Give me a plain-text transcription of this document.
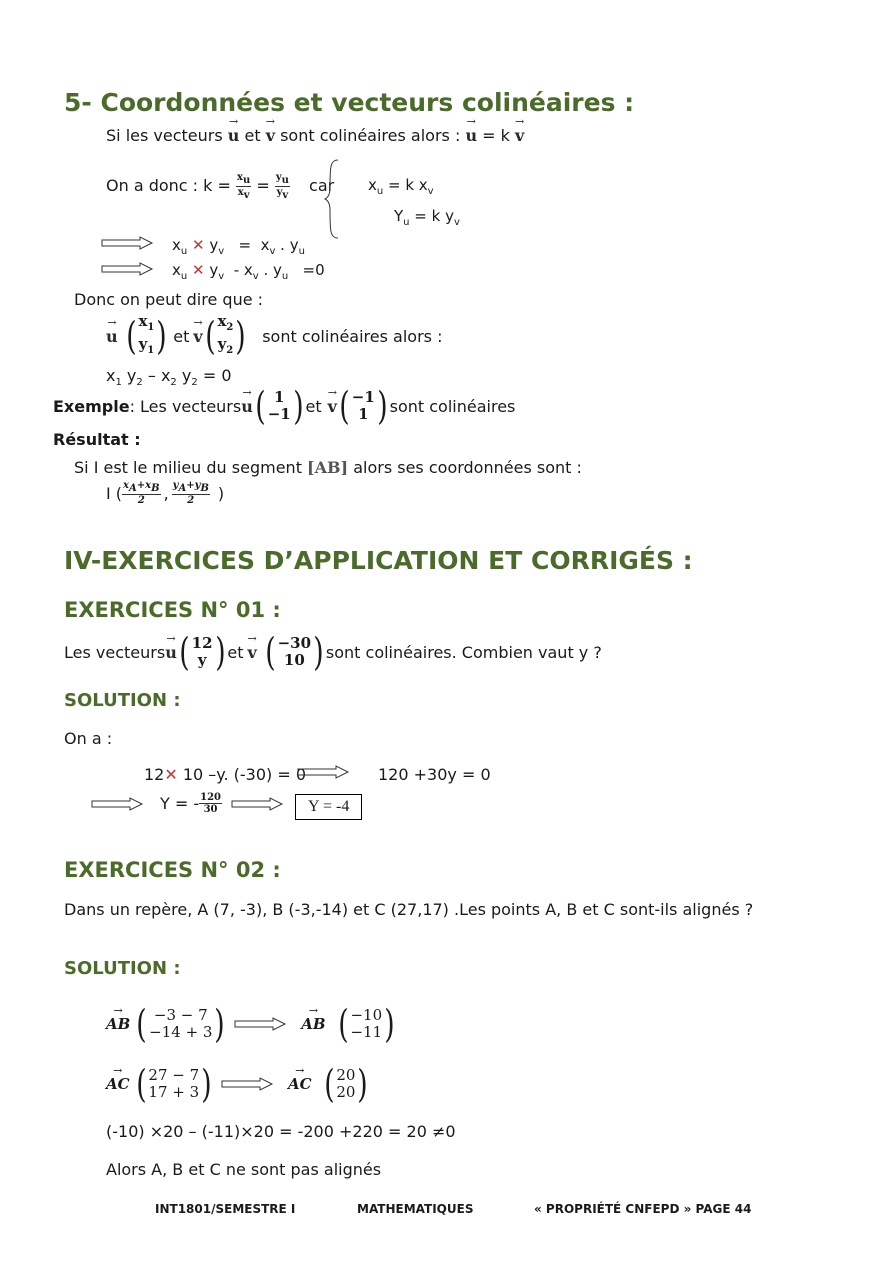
5- Coordonnées et vecteurs colinéaires :
Si les vecteurs → u et → v sont colinéaires alors : → u = k → v
On a donc : $k = \frac{x_u}{x_v} = \frac{y_u}{y_v}$ car $x_u = k$ $x_v$
$Y_u = k$ $y_v$
$x_u$ ✕ $y_v = x_v$ . $y_u$
$x_u$ ✕ $y_v - x_v$ . $y_u =0$
Donc on peut dire que :
→ u ( $x_1$
$y_1$ ) et → v ( $x_2$
$y_2$ ) sont colinéaires alors :
$x_1$ $y_2 - x_2$ $y_2 = 0$
Exemple : Les vecteurs → u ( 1
−1 ) et → v ( −1
1 ) sont colinéaires
Résultat :
Si I est le milieu du segment [AB] alors ses coordonnées sont :
I ( $\frac{x_A+x_B}{2}$ , $\frac{y_A+y_B}{2}$ )
IV-EXERCICES D’APPLICATION ET CORRIGÉS :
EXERCICES N° 01 :
Les vecteurs → u ( 12
y ) et → v ( −30
10 ) sont colinéaires. Combien vaut y ?
SOLUTION :
On a :
12✕ 10 –y. (-30) = 0	120 +30y = 0
Y = - $\frac{120}{30}$	Y = -4
EXERCICES N° 02 :
Dans un repère, A (7, -3), B (-3,-14) et C (27,17) .Les points A, B et C sont-ils alignés ?
SOLUTION :
→ AB ( −3 − 7
−14 + 3 )	→ AB ( −10
−11 )
→ AC ( 27 − 7
17 + 3 )	→ AC ( 20
20 )
(-10) ×20 – (-11)×20 = -200 +220 = 20 ≠0
Alors A, B et C ne sont pas alignés
INT1801/SEMESTRE I	MATHEMATIQUES	« PROPRIÉTÉ CNFEPD » PAGE 44
